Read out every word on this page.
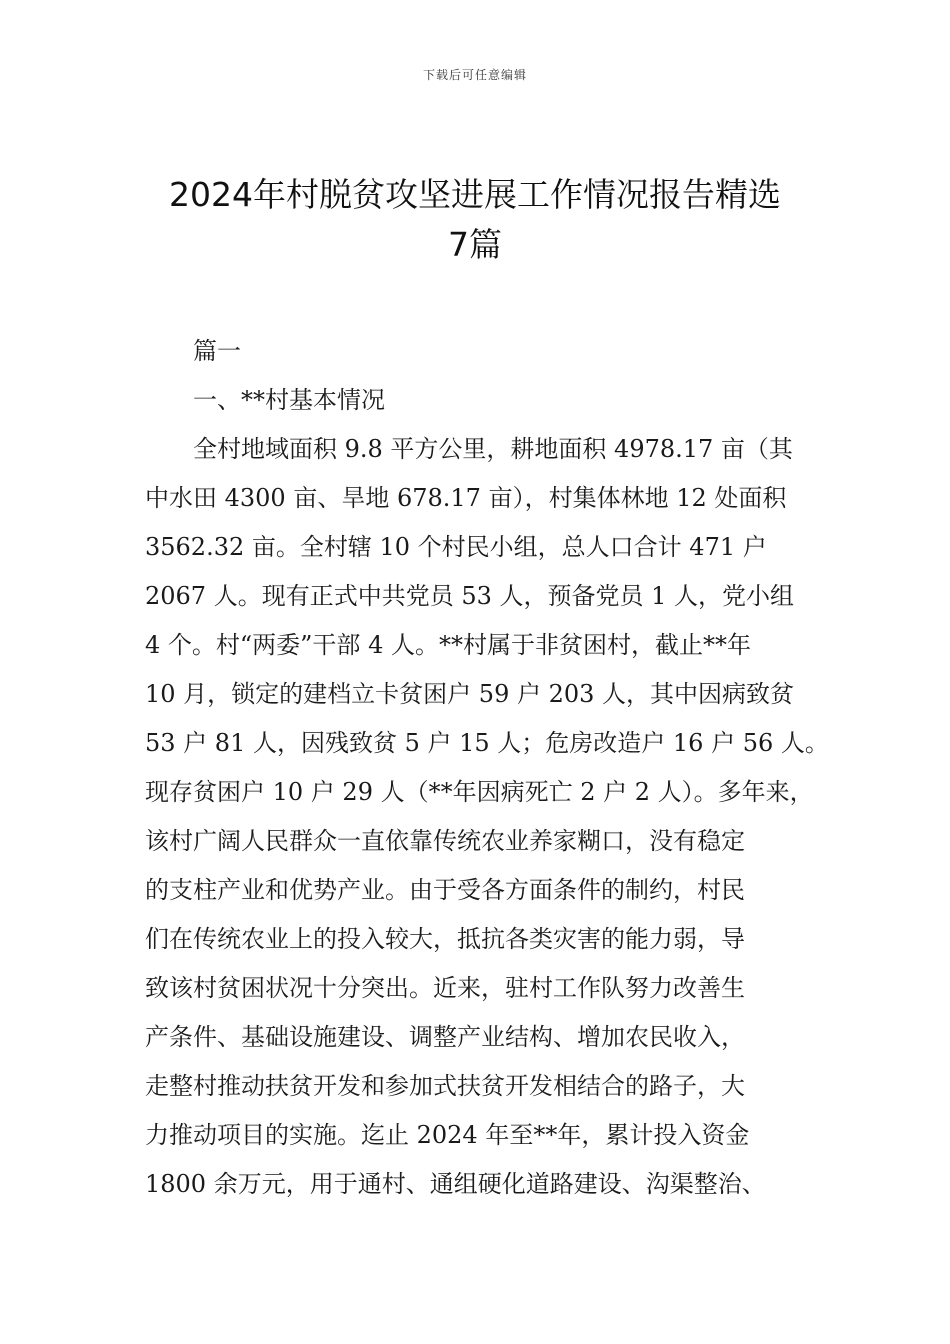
下载后可任意编辑
2024年村脱贫攻坚进展工作情况报告精选
7篇

篇一

一、**村基本情况

全村地域面积 9.8 平方公里，耕地面积 4978.17 亩（其
中水田 4300 亩、旱地 678.17 亩），村集体林地 12 处面积
3562.32 亩。全村辖 10 个村民小组，总人口合计 471 户
2067 人。现有正式中共党员 53 人，预备党员 1 人，党小组
4 个。村“两委”干部 4 人。**村属于非贫困村，截止**年
10 月，锁定的建档立卡贫困户 59 户 203 人，其中因病致贫
53 户 81 人，因残致贫 5 户 15 人；危房改造户 16 户 56 人。
现存贫困户 10 户 29 人（**年因病死亡 2 户 2 人）。多年来，
该村广阔人民群众一直依靠传统农业养家糊口，没有稳定
的支柱产业和优势产业。由于受各方面条件的制约，村民
们在传统农业上的投入较大，抵抗各类灾害的能力弱，导
致该村贫困状况十分突出。近来，驻村工作队努力改善生
产条件、基础设施建设、调整产业结构、增加农民收入，
走整村推动扶贫开发和参加式扶贫开发相结合的路子，大
力推动项目的实施。迄止 2024 年至**年，累计投入资金
1800 余万元，用于通村、通组硬化道路建设、沟渠整治、
